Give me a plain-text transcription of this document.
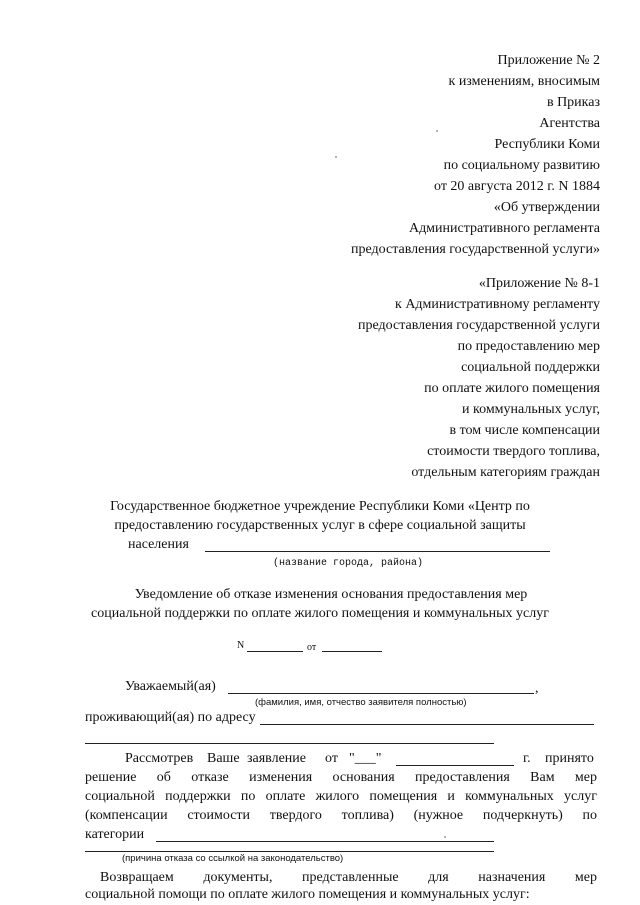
Приложение № 2
к изменениям, вносимым
в Приказ
Агентства
Республики Коми
по социальному развитию
от 20 августа 2012 г. N 1884
«Об утверждении
Административного регламента
предоставления государственной услуги»
«Приложение № 8-1
к Административному регламенту
предоставления государственной услуги
по предоставлению мер
социальной поддержки
по оплате жилого помещения
и коммунальных услуг,
в том числе компенсации
стоимости твердого топлива,
отдельным категориям граждан
Государственное бюджетное учреждение Республики Коми «Центр по
предоставлению государственных услуг в сфере социальной защиты
населения
(название города, района)
Уведомление об отказе изменения основания предоставления мер
социальной поддержки по оплате жилого помещения и коммунальных услуг
N	от
Уважаемый(ая)	,
(фамилия, имя, отчество заявителя полностью)
проживающий(ая) по адресу
Рассмотрев Ваше заявление от "___"	г. принято
решение об отказе изменения основания предоставления Вам мер
социальной поддержки по оплате жилого помещения и коммунальных услуг
(компенсации стоимости твердого топлива) (нужное подчеркнуть) по
категории
(причина отказа со ссылкой на законодательство)
Возвращаем документы, представленные для назначения мер
социальной помощи по оплате жилого помещения и коммунальных услуг:
